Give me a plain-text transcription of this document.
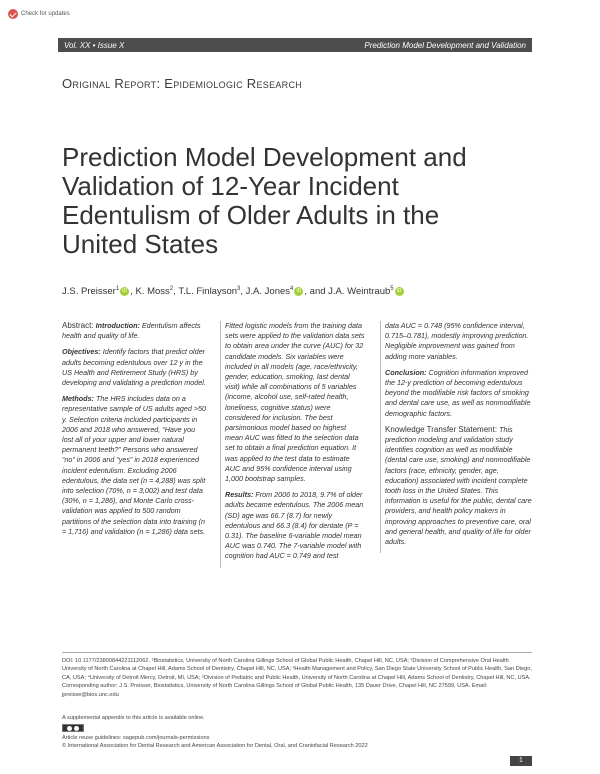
Check for updates
Vol. XX • Issue X	Prediction Model Development and Validation
Original Report: Epidemiologic Research
Prediction Model Development and Validation of 12-Year Incident Edentulism of Older Adults in the United States
J.S. Preisser$^1$ iD , K. Moss$^2$ , T.L. Finlayson$^3$ , J.A. Jones$^4$ iD , and J.A. Weintraub$^5$ iD

Abstract: Introduction: Edentulism affects health and quality of life.

Objectives: Identify factors that predict older adults becoming edentulous over 12 y in the US Health and Retirement Study (HRS) by developing and validating a prediction model.

Methods: The HRS includes data on a representative sample of US adults aged >50 y. Selection criteria included participants in 2006 and 2018 who answered, “Have you lost all of your upper and lower natural permanent teeth?” Persons who answered “no” in 2006 and “yes” in 2018 experienced incident edentulism. Excluding 2006 edentulous, the data set (n = 4,288) was split into selection (70%, n = 3,002) and test data (30%, n = 1,286), and Monte Carlo cross-validation was applied to 500 random partitions of the selection data into training (n = 1,716) and validation (n = 1,286) data sets.

Fitted logistic models from the training data sets were applied to the validation data sets to obtain area under the curve (AUC) for 32 candidate models. Six variables were included in all models (age, race/ethnicity, gender, education, smoking, last dental visit) while all combinations of 5 variables (income, alcohol use, self-rated health, loneliness, cognitive status) were considered for inclusion. The best parsimonious model based on highest mean AUC was fitted to the selection data set to obtain a final prediction equation. It was applied to the test data to estimate AUC and 95% confidence interval using 1,000 bootstrap samples.

Results: From 2006 to 2018, 9.7% of older adults became edentulous. The 2006 mean (SD) age was 66.7 (8.7) for newly edentulous and 66.3 (8.4) for dentate (P = 0.31). The baseline 6-variable model mean AUC was 0.740. The 7-variable model with cognition had AUC = 0.749 and test

data AUC = 0.748 (95% confidence interval, 0.715–0.781), modestly improving prediction. Negligible improvement was gained from adding more variables.

Conclusion: Cognition information improved the 12-y prediction of becoming edentulous beyond the modifiable risk factors of smoking and dental care use, as well as nonmodifiable demographic factors.

Knowledge Transfer Statement: This prediction modeling and validation study identifies cognition as well as modifiable (dental care use, smoking) and nonmodifiable factors (race, ethnicity, gender, age, education) associated with incident complete tooth loss in the United States. This information is useful for the public, dental care providers, and health policy makers in improving approaches to preventive care, oral and general health, and quality of life for older adults.

DOI: 10.1177/23800844221112062. ¹Biostatistics, University of North Carolina Gillings School of Global Public Health, Chapel Hill, NC, USA; ²Division of Comprehensive Oral Health University of North Carolina at Chapel Hill, Adams School of Dentistry, Chapel Hill, NC, USA; ³Health Management and Policy, San Diego State University School of Public Health, San Diego, CA, USA; ⁴University of Detroit Mercy, Detroit, MI, USA; ⁵Division of Pediatric and Public Health, University of North Carolina at Chapel Hill, Adams School of Dentistry, Chapel Hill, NC, USA. Corresponding author: J.S. Preisser, Biostatistics, University of North Carolina Gillings School of Global Public Health, 135 Dauer Drive, Chapel Hill, NC 27599, USA. Email: jpreisse@bios.unc.edu
A supplemental appendix to this article is available online.
Article reuse guidelines: sagepub.com/journals-permissions
© International Association for Dental Research and American Association for Dental, Oral, and Craniofacial Research 2022
1
